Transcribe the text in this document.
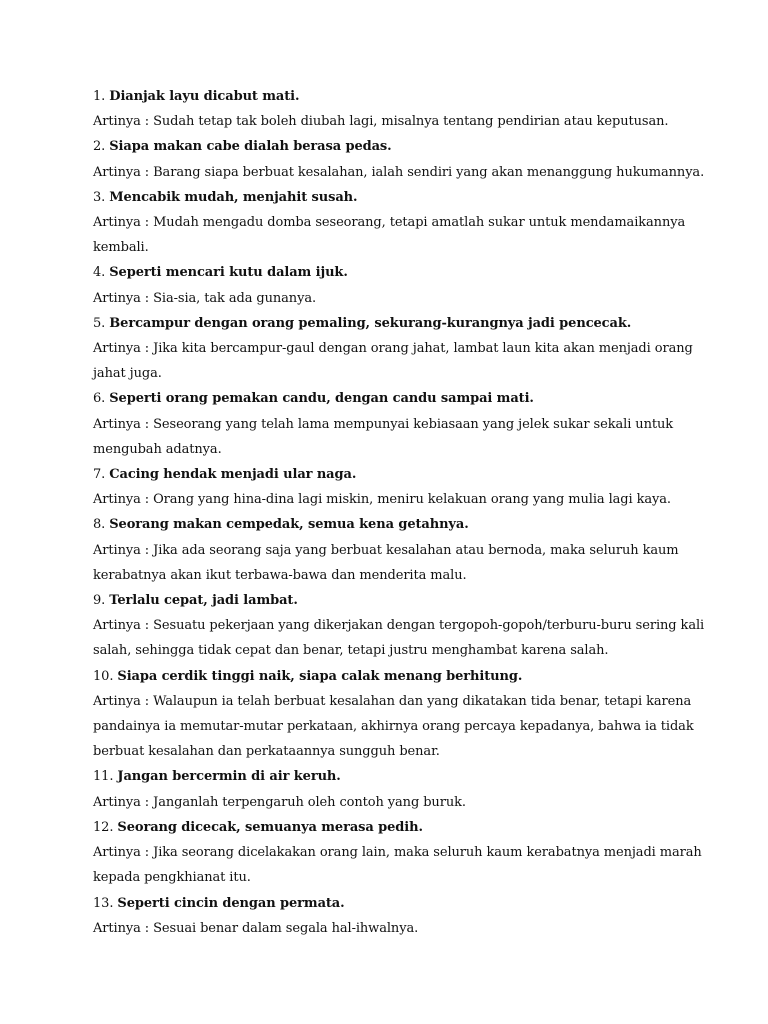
1. Dianjak layu dicabut mati.
Artinya : Sudah tetap tak boleh diubah lagi, misalnya tentang pendirian atau keputusan.
2. Siapa makan cabe dialah berasa pedas.
Artinya : Barang siapa berbuat kesalahan, ialah sendiri yang akan menanggung hukumannya.
3. Mencabik mudah, menjahit susah.
Artinya : Mudah mengadu domba seseorang, tetapi amatlah sukar untuk mendamaikannya
kembali.
4. Seperti mencari kutu dalam ijuk.
Artinya : Sia-sia, tak ada gunanya.
5. Bercampur dengan orang pemaling, sekurang-kurangnya jadi pencecak.
Artinya : Jika kita bercampur-gaul dengan orang jahat, lambat laun kita akan menjadi orang
jahat juga.
6. Seperti orang pemakan candu, dengan candu sampai mati.
Artinya : Seseorang yang telah lama mempunyai kebiasaan yang jelek sukar sekali untuk
mengubah adatnya.
7. Cacing hendak menjadi ular naga.
Artinya : Orang yang hina-dina lagi miskin, meniru kelakuan orang yang mulia lagi kaya.
8. Seorang makan cempedak, semua kena getahnya.
Artinya : Jika ada seorang saja yang berbuat kesalahan atau bernoda, maka seluruh kaum
kerabatnya akan ikut terbawa-bawa dan menderita malu.
9. Terlalu cepat, jadi lambat.
Artinya : Sesuatu pekerjaan yang dikerjakan dengan tergopoh-gopoh/terburu-buru sering kali
salah, sehingga tidak cepat dan benar, tetapi justru menghambat karena salah.
10. Siapa cerdik tinggi naik, siapa calak menang berhitung.
Artinya : Walaupun ia telah berbuat kesalahan dan yang dikatakan tida benar, tetapi karena
pandainya ia memutar-mutar perkataan, akhirnya orang percaya kepadanya, bahwa ia tidak
berbuat kesalahan dan perkataannya sungguh benar.
11. Jangan bercermin di air keruh.
Artinya : Janganlah terpengaruh oleh contoh yang buruk.
12. Seorang dicecak, semuanya merasa pedih.
Artinya : Jika seorang dicelakakan orang lain, maka seluruh kaum kerabatnya menjadi marah
kepada pengkhianat itu.
13. Seperti cincin dengan permata.
Artinya : Sesuai benar dalam segala hal-ihwalnya.
